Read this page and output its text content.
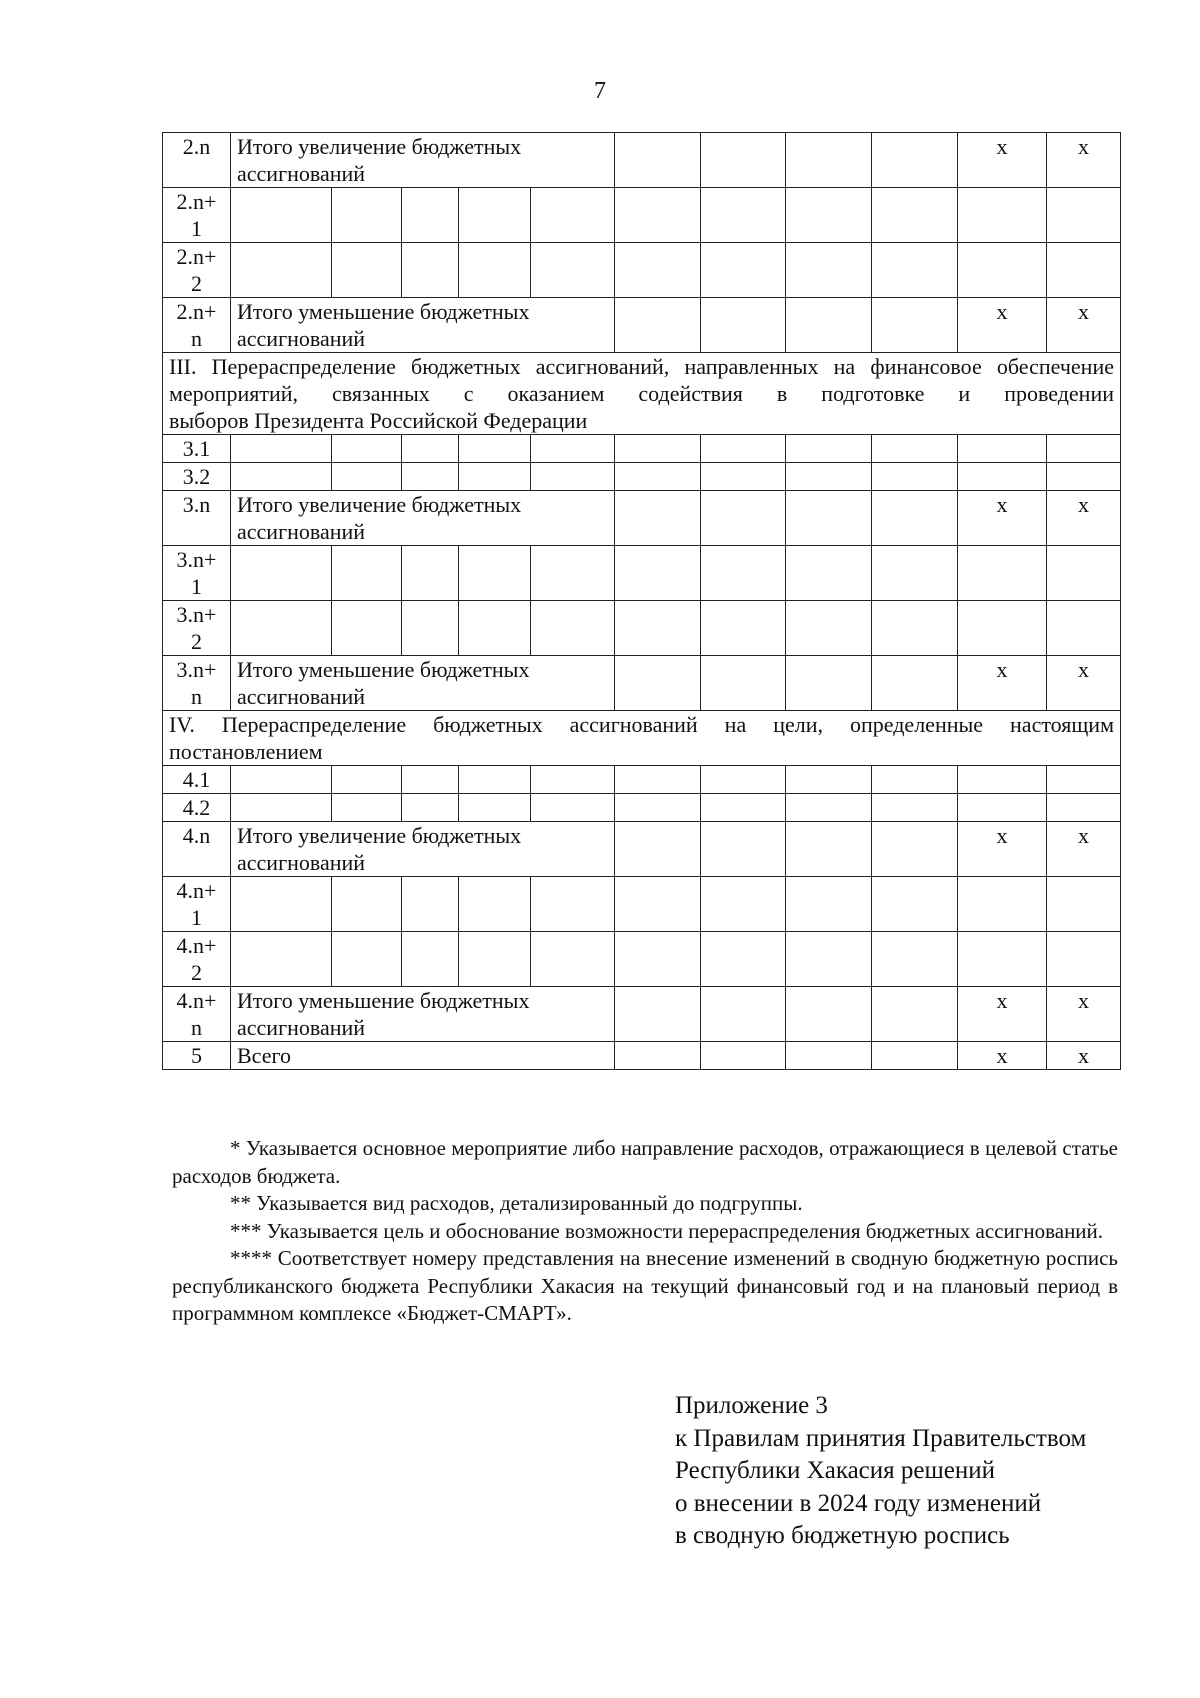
7
2.n	Итого увеличение бюджетных ассигнований									x	x
2.n+ 1											
2.n+ 2											
2.n+ n	Итого уменьшение бюджетных ассигнований									x	x

III. Перераспределение бюджетных ассигнований, направленных на финансовое обеспечение мероприятий, связанных с оказанием содействия в подготовке и проведении
выборов Президента Российской Федерации											

3.1											
3.2											
3.n	Итого увеличение бюджетных ассигнований									x	x
3.n+ 1											
3.n+ 2											
3.n+ n	Итого уменьшение бюджетных ассигнований									x	x

IV. Перераспределение бюджетных ассигнований на цели, определенные настоящим
постановлением											

4.1											
4.2											
4.n	Итого увеличение бюджетных ассигнований									x	x
4.n+ 1											
4.n+ 2											
4.n+ n	Итого уменьшение бюджетных ассигнований									x	x
5	Всего									x	x

* Указывается основное мероприятие либо направление расходов, отражающиеся в целевой статье расходов бюджета.

** Указывается вид расходов, детализированный до подгруппы.

*** Указывается цель и обоснование возможности перераспределения бюджетных ассигнований.

**** Соответствует номеру представления на внесение изменений в сводную бюджетную роспись республиканского бюджета Республики Хакасия на текущий финансовый год и на плановый период в программном комплексе «Бюджет-СМАРТ».

Приложение 3
к Правилам принятия Правительством
Республики Хакасия решений
о внесении в 2024 году изменений
в сводную бюджетную роспись
